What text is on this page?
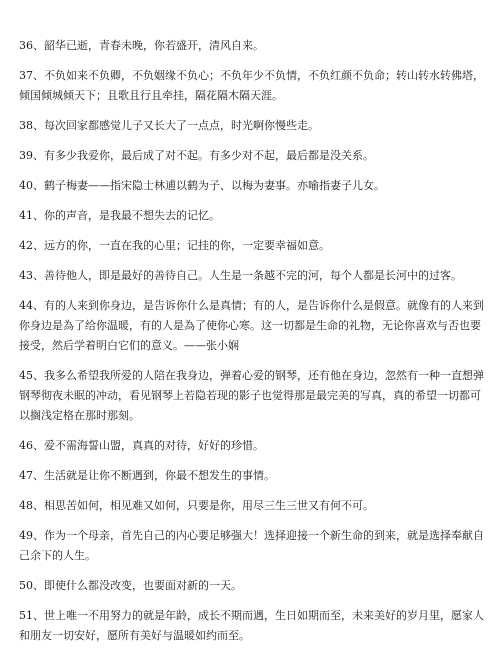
36、韶华已逝，青春未晚，你若盛开，清风自来。

37、不负如来不负卿，不负姻缘不负心；不负年少不负情，不负红颜不负命；转山转水转佛塔，倾国倾城倾天下；且歌且行且牵挂，隔花隔木隔天涯。

38、每次回家都感觉儿子又长大了一点点，时光啊你慢些走。

39、有多少我爱你，最后成了对不起。有多少对不起，最后都是没关系。

40、鹤子梅妻——指宋隐士林逋以鹤为子、以梅为妻事。亦喻指妻子儿女。

41、你的声音，是我最不想失去的记忆。

42、远方的你，一直在我的心里；记挂的你，一定要幸福如意。

43、善待他人，即是最好的善待自己。人生是一条越不完的河，每个人都是长河中的过客。

44、有的人来到你身边，是告诉你什么是真情；有的人，是告诉你什么是假意。就像有的人来到你身边是為了给你温暖，有的人是為了使你心寒。这一切都是生命的礼物，无论你喜欢与否也要接受，然后学着明白它们的意义。——张小娴

45、我多么希望我所爱的人陪在我身边，弹着心爱的钢琴，还有他在身边，忽然有一种一直想弹钢琴彻夜未眠的冲动，看见钢琴上若隐若现的影子也觉得那是最完美的写真，真的希望一切都可以搁浅定格在那时那刻。

46、爱不需海誓山盟，真真的对待，好好的珍惜。

47、生活就是让你不断遇到，你最不想发生的事情。

48、相思苦如何，相见难又如何，只要是你，用尽三生三世又有何不可。

49、作为一个母亲，首先自己的内心要足够强大！选择迎接一个新生命的到来，就是选择奉献自己余下的人生。

50、即使什么都没改变，也要面对新的一天。

51、世上唯一不用努力的就是年龄，成长不期而遇，生日如期而至，未来美好的岁月里，愿家人和朋友一切安好，愿所有美好与温暖如约而至。
